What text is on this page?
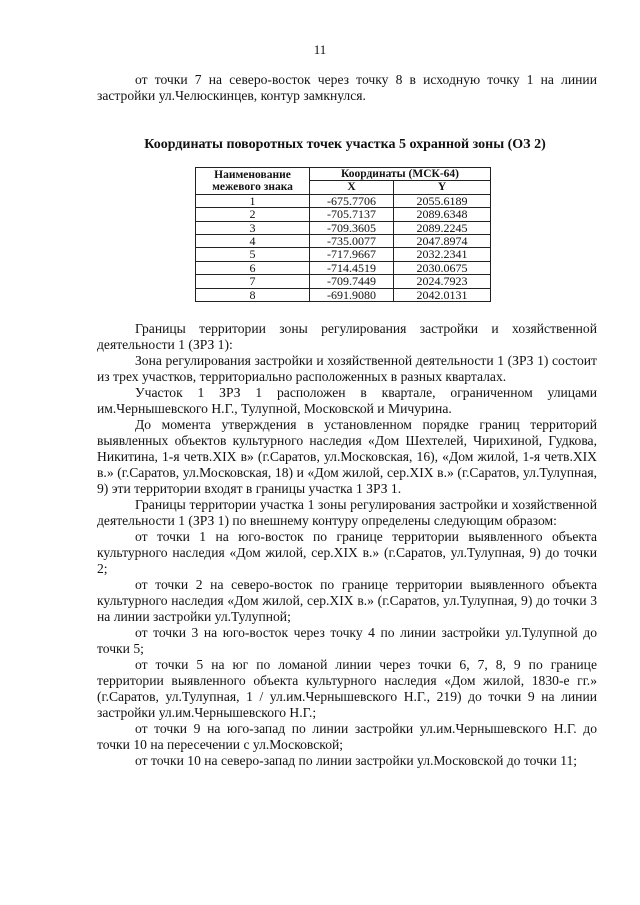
11

от точки 7 на северо-восток через точку 8 в исходную точку 1 на линии застройки ул.Челюскинцев, контур замкнулся.

Координаты поворотных точек участка 5 охранной зоны (ОЗ 2)
Наименование межевого знака	Координаты (МСК-64)	
	X	Y
1	-675.7706	2055.6189
2	-705.7137	2089.6348
3	-709.3605	2089.2245
4	-735.0077	2047.8974
5	-717.9667	2032.2341
6	-714.4519	2030.0675
7	-709.7449	2024.7923
8	-691.9080	2042.0131

Границы территории зоны регулирования застройки и хозяйственной деятельности 1 (ЗРЗ 1):

Зона регулирования застройки и хозяйственной деятельности 1 (ЗРЗ 1) состоит из трех участков, территориально расположенных в разных кварталах.

Участок 1 ЗРЗ 1 расположен в квартале, ограниченном улицами им.Чернышевского Н.Г., Тулупной, Московской и Мичурина.

До момента утверждения в установленном порядке границ территорий выявленных объектов культурного наследия «Дом Шехтелей, Чирихиной, Гудкова, Никитина, 1-я четв.XIX в» (г.Саратов, ул.Московская, 16), «Дом жилой, 1-я четв.XIX в.» (г.Саратов, ул.Московская, 18) и «Дом жилой, сер.XIX в.» (г.Саратов, ул.Тулупная, 9) эти территории входят в границы участка 1 ЗРЗ 1.

Границы территории участка 1 зоны регулирования застройки и хозяйственной деятельности 1 (ЗРЗ 1) по внешнему контуру определены следующим образом:

от точки 1 на юго-восток по границе территории выявленного объекта культурного наследия «Дом жилой, сер.XIX в.» (г.Саратов, ул.Тулупная, 9) до точки 2;

от точки 2 на северо-восток по границе территории выявленного объекта культурного наследия «Дом жилой, сер.XIX в.» (г.Саратов, ул.Тулупная, 9) до точки 3 на линии застройки ул.Тулупной;

от точки 3 на юго-восток через точку 4 по линии застройки ул.Тулупной до точки 5;

от точки 5 на юг по ломаной линии через точки 6, 7, 8, 9 по границе территории выявленного объекта культурного наследия «Дом жилой, 1830-е гг.» (г.Саратов, ул.Тулупная, 1 / ул.им.Чернышевского Н.Г., 219) до точки 9 на линии застройки ул.им.Чернышевского Н.Г.;

от точки 9 на юго-запад по линии застройки ул.им.Чернышевского Н.Г. до точки 10 на пересечении с ул.Московской;

от точки 10 на северо-запад по линии застройки ул.Московской до точки 11;
